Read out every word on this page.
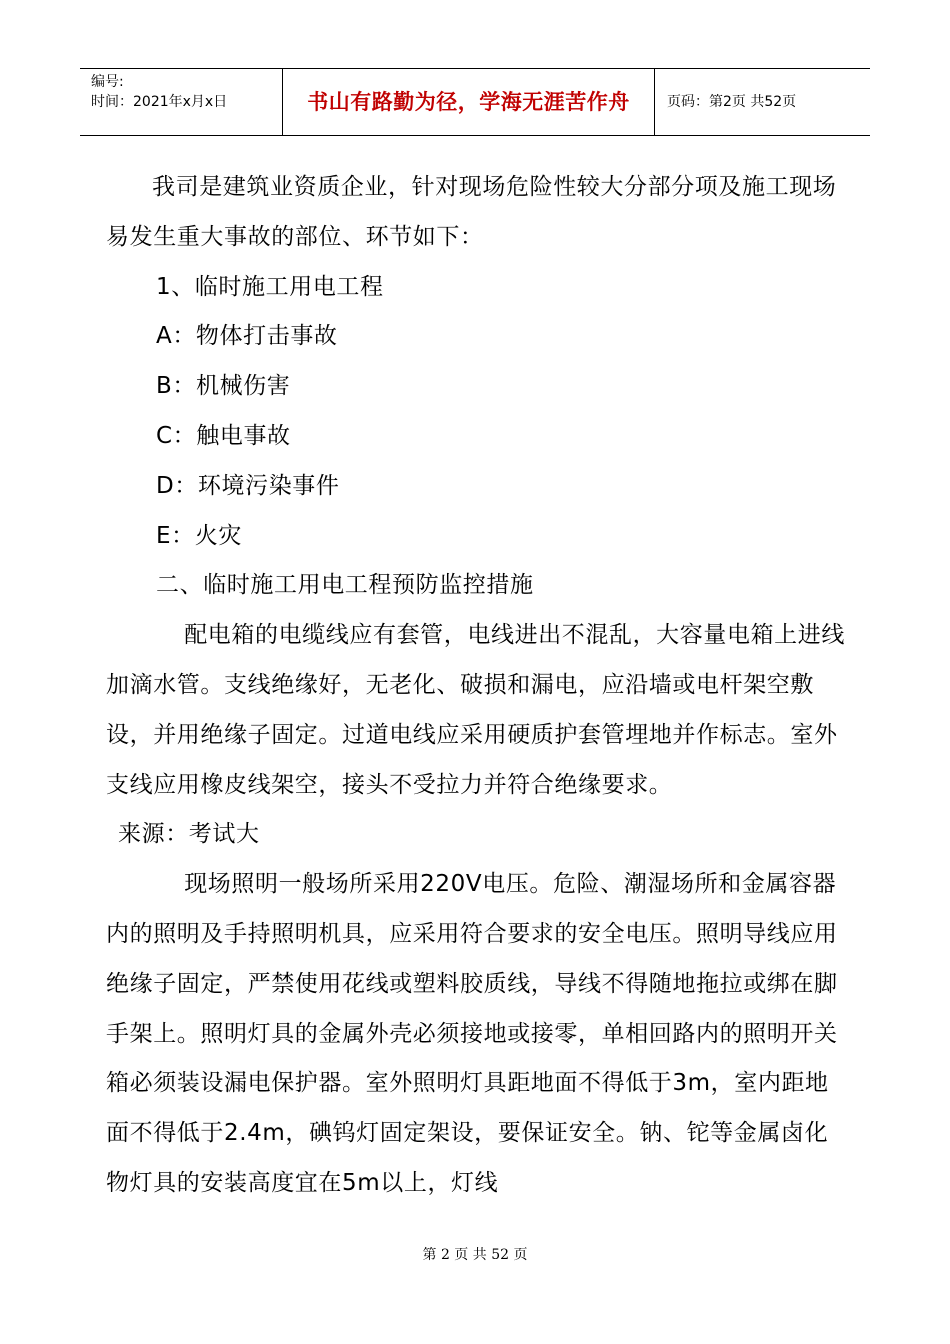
编号:
时间：2021年x月x日	书山有路勤为径，学海无涯苦作舟	页码：第2页 共52页

我司是建筑业资质企业，针对现场危险性较大分部分项及施工现场易发生重大事故的部位、环节如下：

1、临时施工用电工程

A：物体打击事故

B：机械伤害

C：触电事故

D：环境污染事件

E：火灾

二、临时施工用电工程预防监控措施

配电箱的电缆线应有套管，电线进出不混乱，大容量电箱上进线加滴水管。支线绝缘好，无老化、破损和漏电，应沿墙或电杆架空敷设，并用绝缘子固定。过道电线应采用硬质护套管埋地并作标志。室外支线应用橡皮线架空，接头不受拉力并符合绝缘要求。

来源：考试大

现场照明一般场所采用220V电压。危险、潮湿场所和金属容器内的照明及手持照明机具，应采用符合要求的安全电压。照明导线应用绝缘子固定，严禁使用花线或塑料胶质线，导线不得随地拖拉或绑在脚手架上。照明灯具的金属外壳必须接地或接零，单相回路内的照明开关箱必须装设漏电保护器。室外照明灯具距地面不得低于3m，室内距地面不得低于2.4m，碘钨灯固定架设，要保证安全。钠、铊等金属卤化物灯具的安装高度宜在5m以上，灯线

第 2 页 共 52 页
